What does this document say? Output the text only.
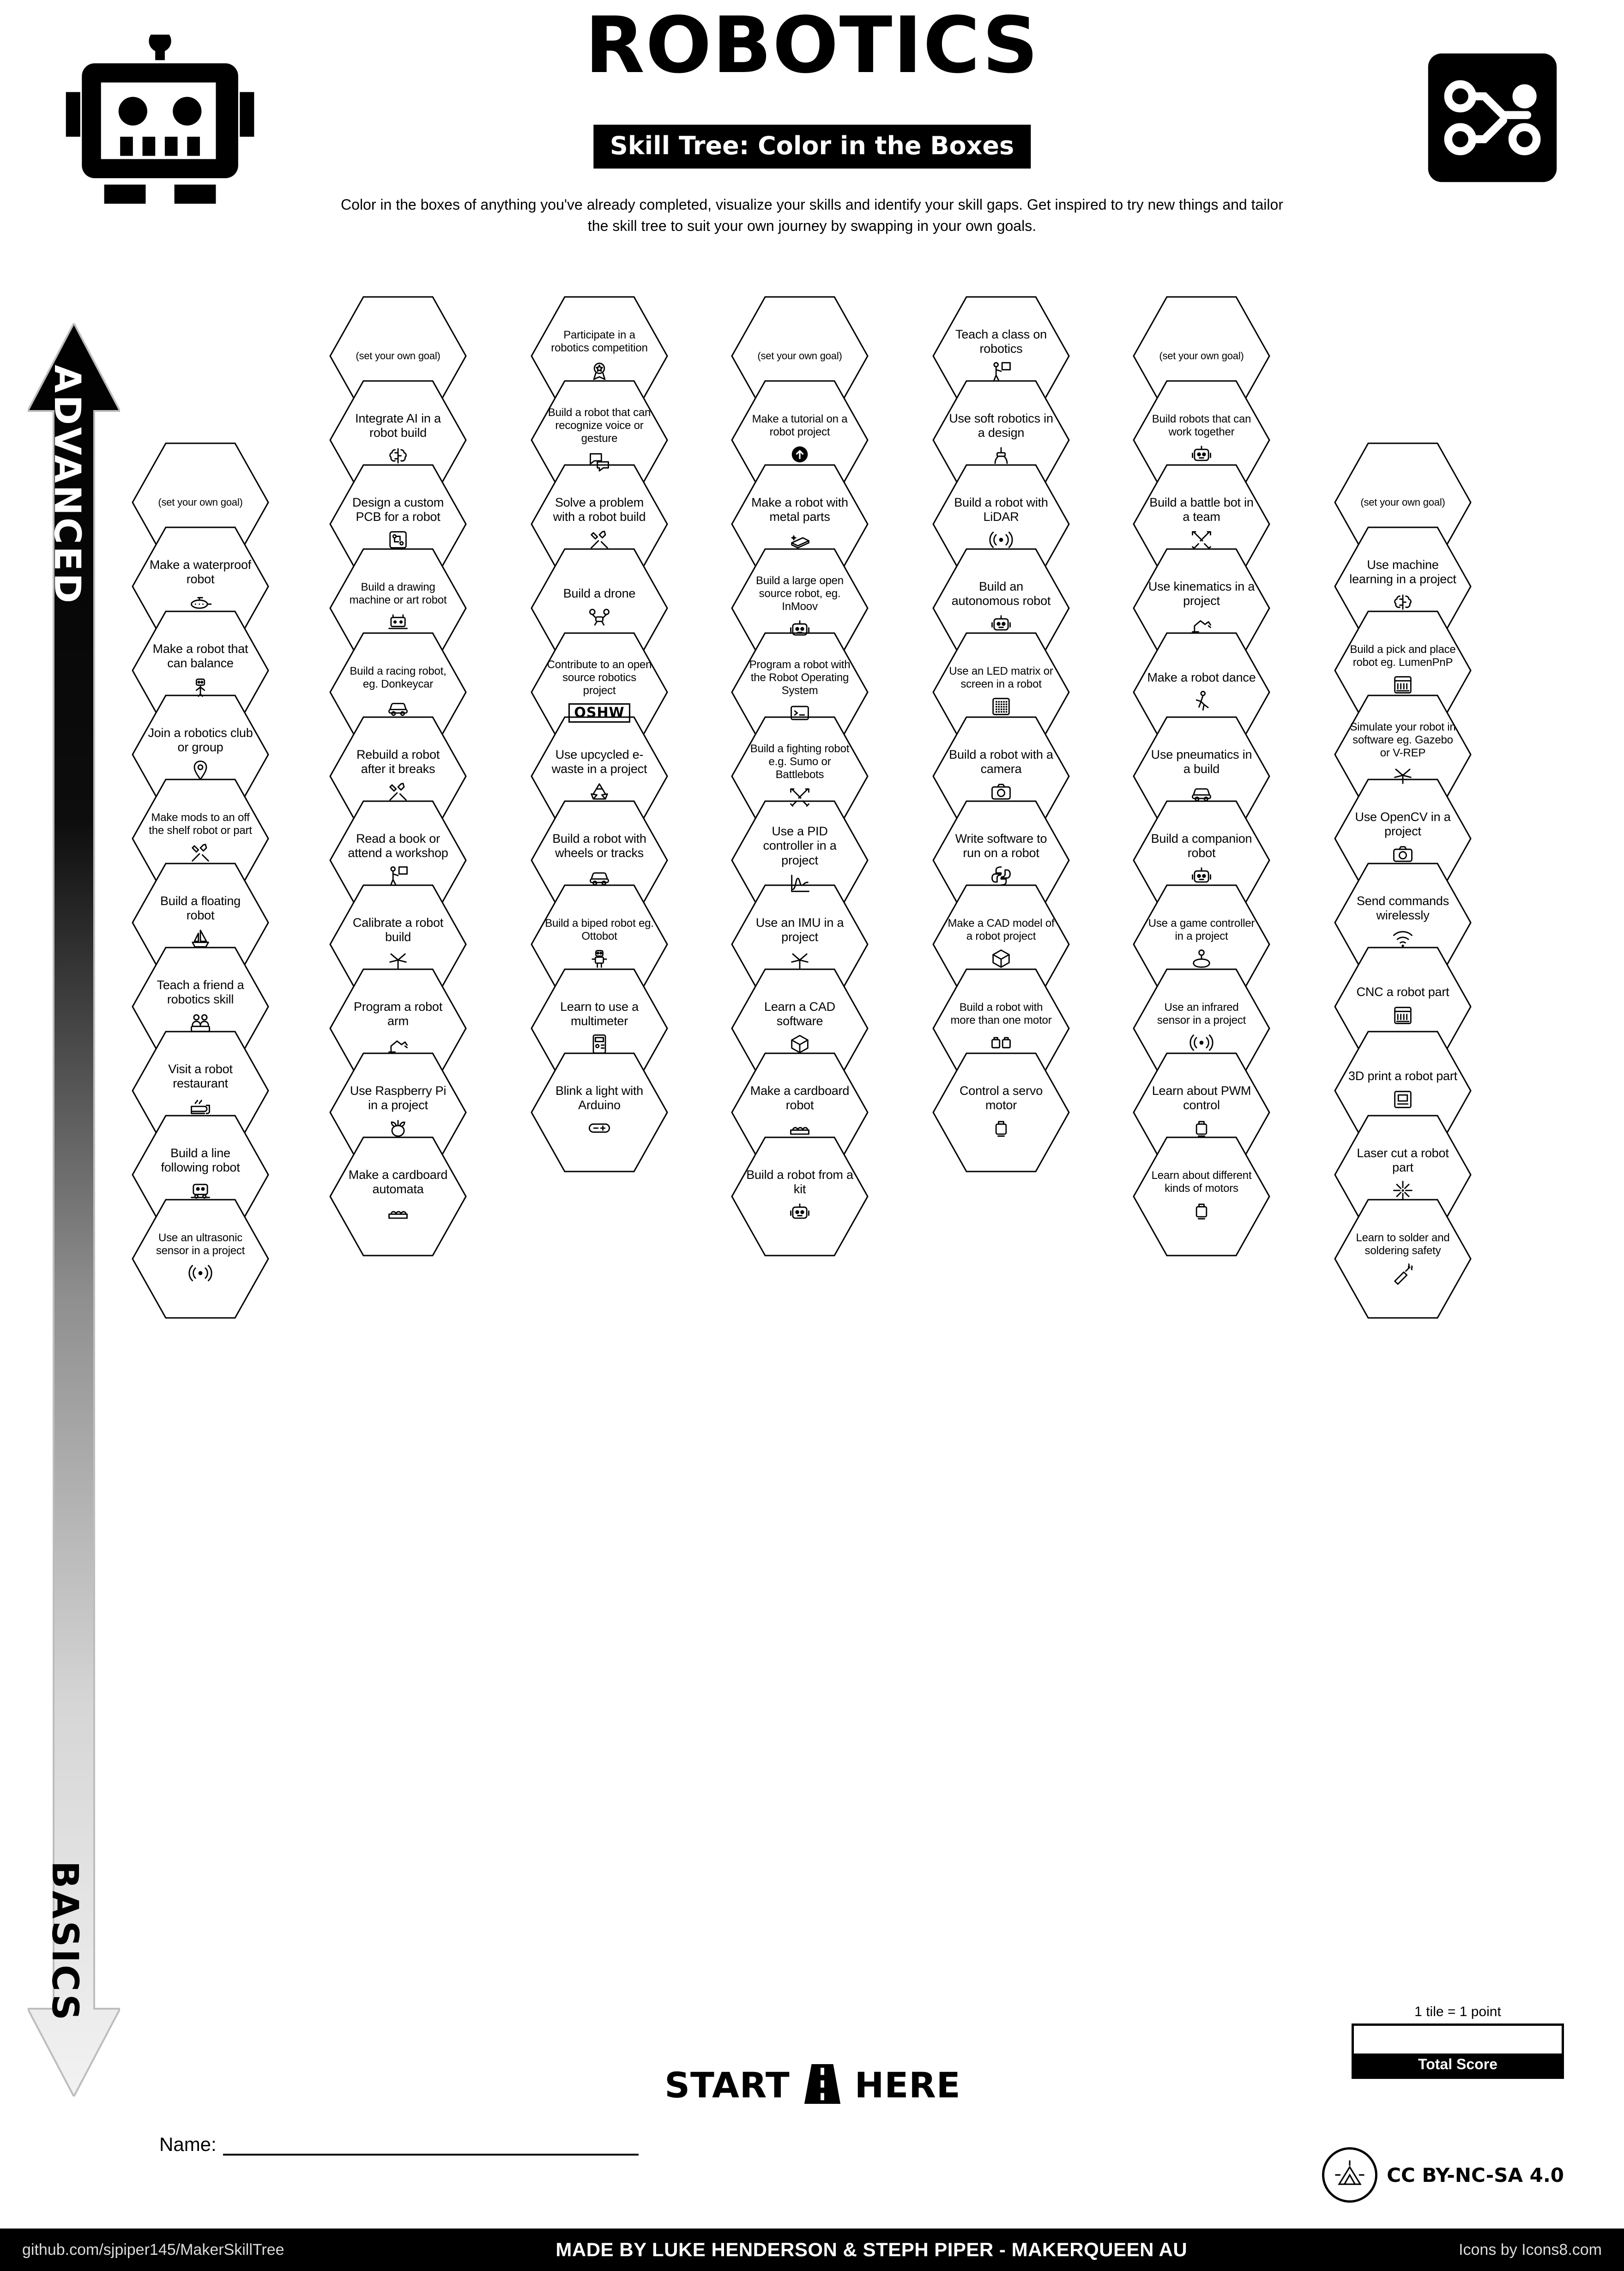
ROBOTICS
Skill Tree: Color in the Boxes
Color in the boxes of anything you've already completed, visualize your skills and identify your skill gaps. Get inspired to try new things and tailor the skill tree to suit your own journey by swapping in your own goals.
ADVANCED
BASICS
(set your own goal)
Make a waterproof robot
Make a robot that can balance
Join a robotics club or group
Make mods to an off the shelf robot or part
Build a floating robot
Teach a friend a robotics skill
Visit a robot restaurant
Build a line following robot
Use an ultrasonic sensor in a project
(set your own goal)
Integrate AI in a robot build
Design a custom PCB for a robot
Build a drawing machine or art robot
Build a racing robot, eg. Donkeycar
Rebuild a robot after it breaks
Read a book or attend a workshop
Calibrate a robot build
Program a robot arm
Use Raspberry Pi in a project
Make a cardboard automata
Participate in a robotics competition
Build a robot that can recognize voice or gesture
Solve a problem with a robot build
Build a drone
Contribute to an open source robotics project
OSHW
Use upcycled e-waste in a project
Build a robot with wheels or tracks
Build a biped robot eg. Ottobot
Learn to use a multimeter
Blink a light with Arduino
(set your own goal)
Make a tutorial on a robot project
Make a robot with metal parts
Build a large open source robot, eg. InMoov
Program a robot with the Robot Operating System
Build a fighting robot e.g. Sumo or Battlebots
Use a PID controller in a project
Use an IMU in a project
Learn a CAD software
Make a cardboard robot
Build a robot from a kit
Teach a class on robotics
Use soft robotics in a design
Build a robot with LiDAR
Build an autonomous robot
Use an LED matrix or screen in a robot
Build a robot with a camera
Write software to run on a robot
Make a CAD model of a robot project
Build a robot with more than one motor
Control a servo motor
(set your own goal)
Build robots that can work together
Build a battle bot in a team
Use kinematics in a project
Make a robot dance
Use pneumatics in a build
Build a companion robot
Use a game controller in a project
Use an infrared sensor in a project
Learn about PWM control
Learn about different kinds of motors
(set your own goal)
Use machine learning in a project
Build a pick and place robot eg. LumenPnP
Simulate your robot in software eg. Gazebo or V-REP
Use OpenCV in a project
Send commands wirelessly
CNC a robot part
3D print a robot part
Laser cut a robot part
Learn to solder and soldering safety
START HERE
1 tile = 1 point
Total Score
Name:
CC BY-NC-SA 4.0
github.com/sjpiper145/MakerSkillTree	MADE BY LUKE HENDERSON & STEPH PIPER - MAKERQUEEN AU	Icons by Icons8.com
